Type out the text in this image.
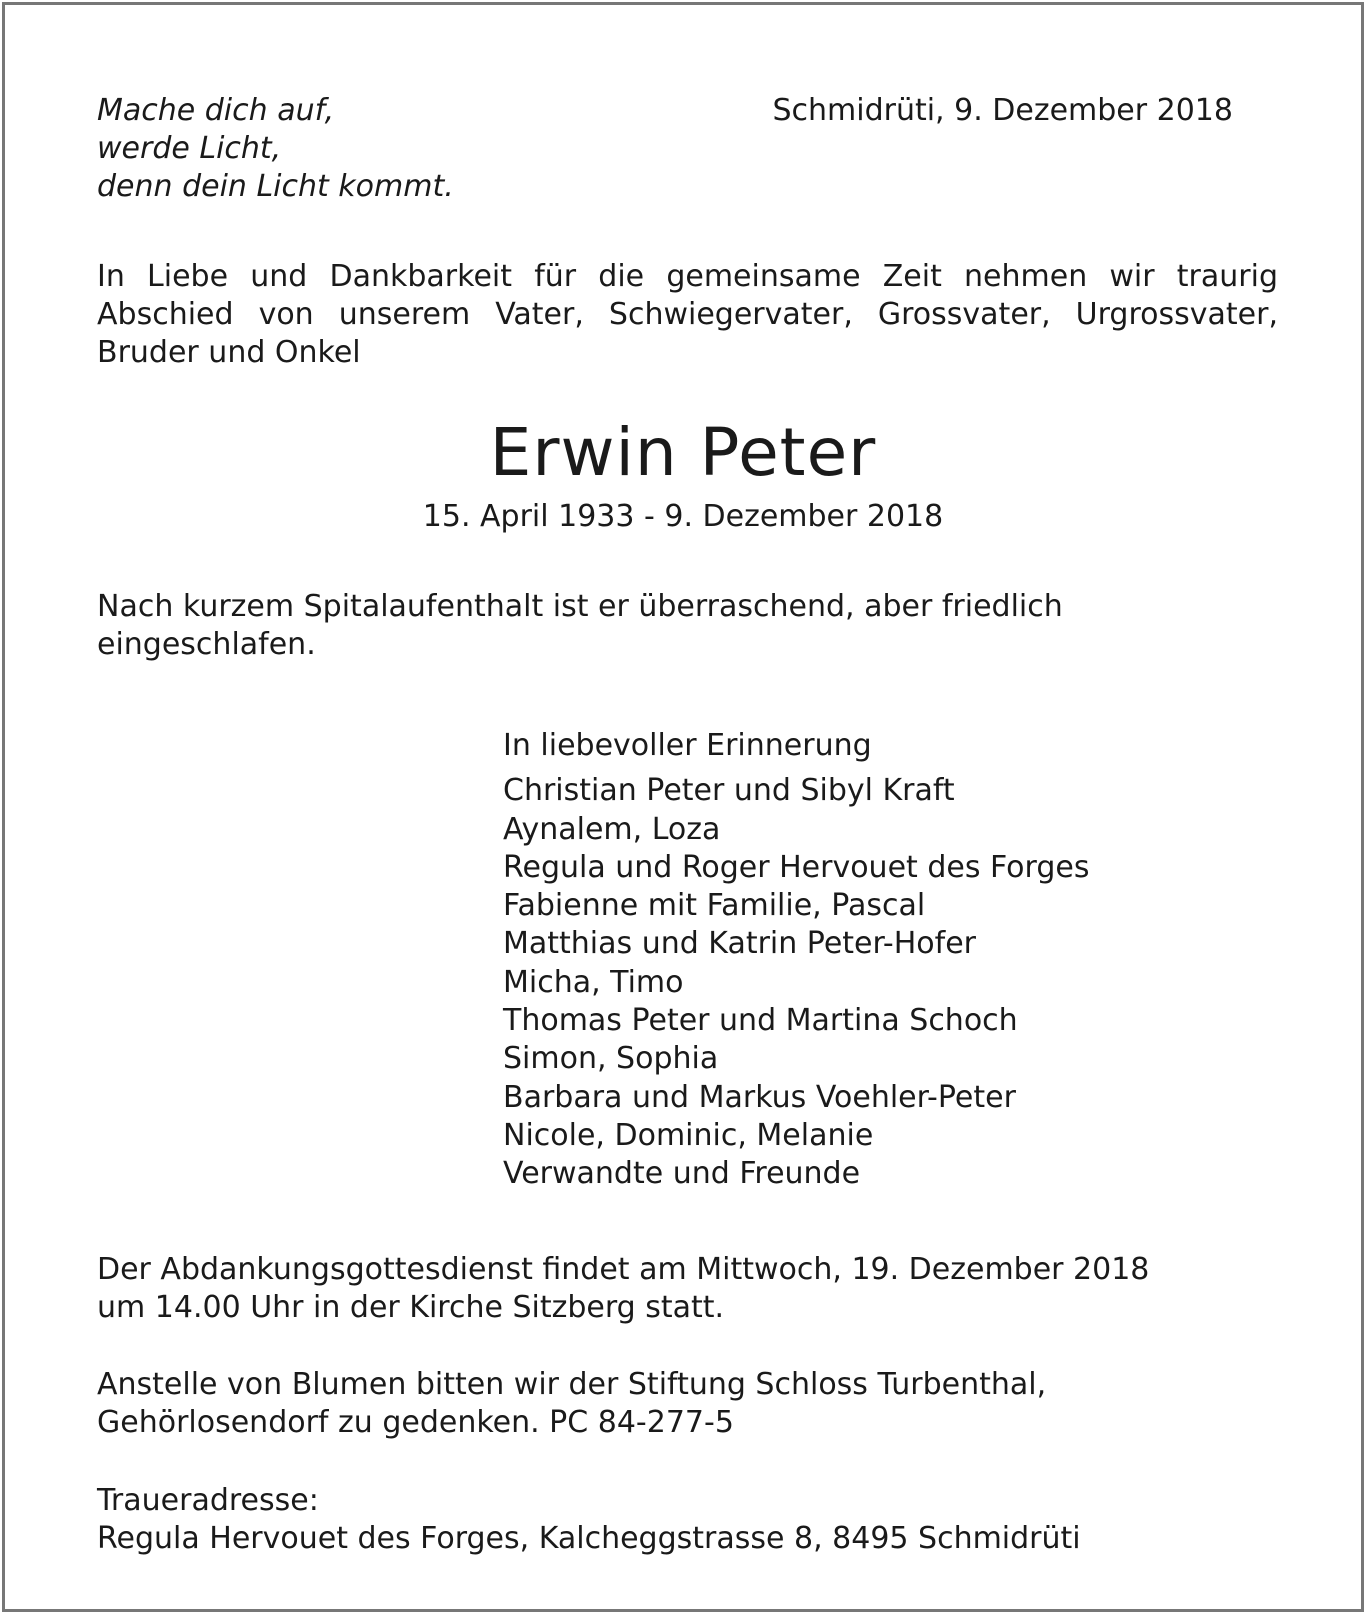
Mache dich auf,
werde Licht,
denn dein Licht kommt.
Schmidrüti, 9. Dezember 2018
In Liebe und Dankbarkeit für die gemeinsame Zeit nehmen wir traurig Abschied von unserem Vater, Schwiegervater, Grossvater, Urgrossvater, Bruder und Onkel
Erwin Peter
15. April 1933 - 9. Dezember 2018
Nach kurzem Spitalaufenthalt ist er überraschend, aber friedlich eingeschlafen.
In liebevoller Erinnerung
Christian Peter und Sibyl Kraft
Aynalem, Loza
Regula und Roger Hervouet des Forges
Fabienne mit Familie, Pascal
Matthias und Katrin Peter-Hofer
Micha, Timo
Thomas Peter und Martina Schoch
Simon, Sophia
Barbara und Markus Voehler-Peter
Nicole, Dominic, Melanie
Verwandte und Freunde
Der Abdankungsgottesdienst findet am Mittwoch, 19. Dezember 2018
um 14.00 Uhr in der Kirche Sitzberg statt.
Anstelle von Blumen bitten wir der Stiftung Schloss Turbenthal,
Gehörlosendorf zu gedenken. PC 84-277-5
Traueradresse:
Regula Hervouet des Forges, Kalcheggstrasse 8, 8495 Schmidrüti
